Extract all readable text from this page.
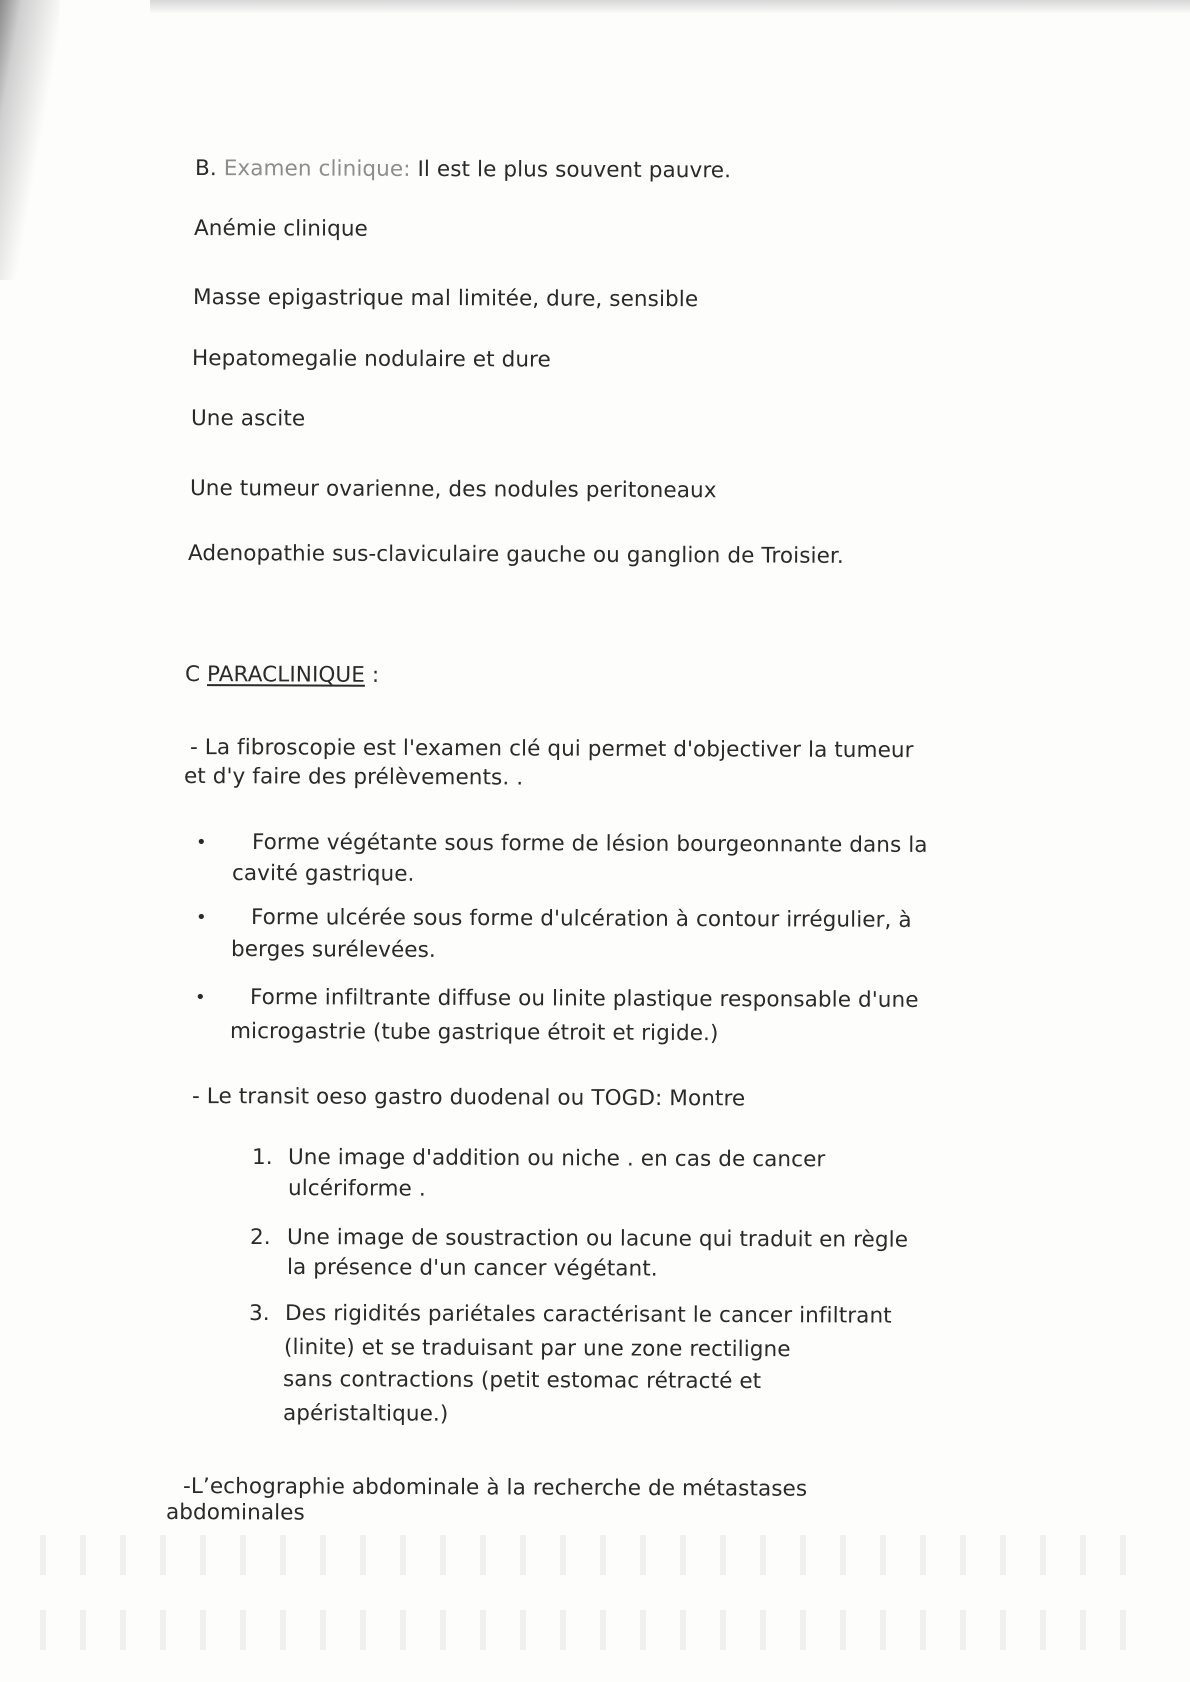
B. Examen clinique: Il est le plus souvent pauvre.
Anémie clinique
Masse epigastrique mal limitée, dure, sensible
Hepatomegalie nodulaire et dure
Une ascite
Une tumeur ovarienne, des nodules peritoneaux
Adenopathie sus-claviculaire gauche ou ganglion de Troisier.
C PARACLINIQUE :
- La fibroscopie est l'examen clé qui permet d'objectiver la tumeur
et d'y faire des prélèvements. .
• Forme végétante sous forme de lésion bourgeonnante dans la
cavité gastrique.
• Forme ulcérée sous forme d'ulcération à contour irrégulier, à
berges surélevées.
• Forme infiltrante diffuse ou linite plastique responsable d'une
microgastrie (tube gastrique étroit et rigide.)
- Le transit oeso gastro duodenal ou TOGD: Montre
1. Une image d'addition ou niche . en cas de cancer
ulcériforme .
2. Une image de soustraction ou lacune qui traduit en règle
la présence d'un cancer végétant.
3. Des rigidités pariétales caractérisant le cancer infiltrant
(linite) et se traduisant par une zone rectiligne
sans contractions (petit estomac rétracté et
apéristaltique.)
-L’echographie abdominale à la recherche de métastases
abdominales
